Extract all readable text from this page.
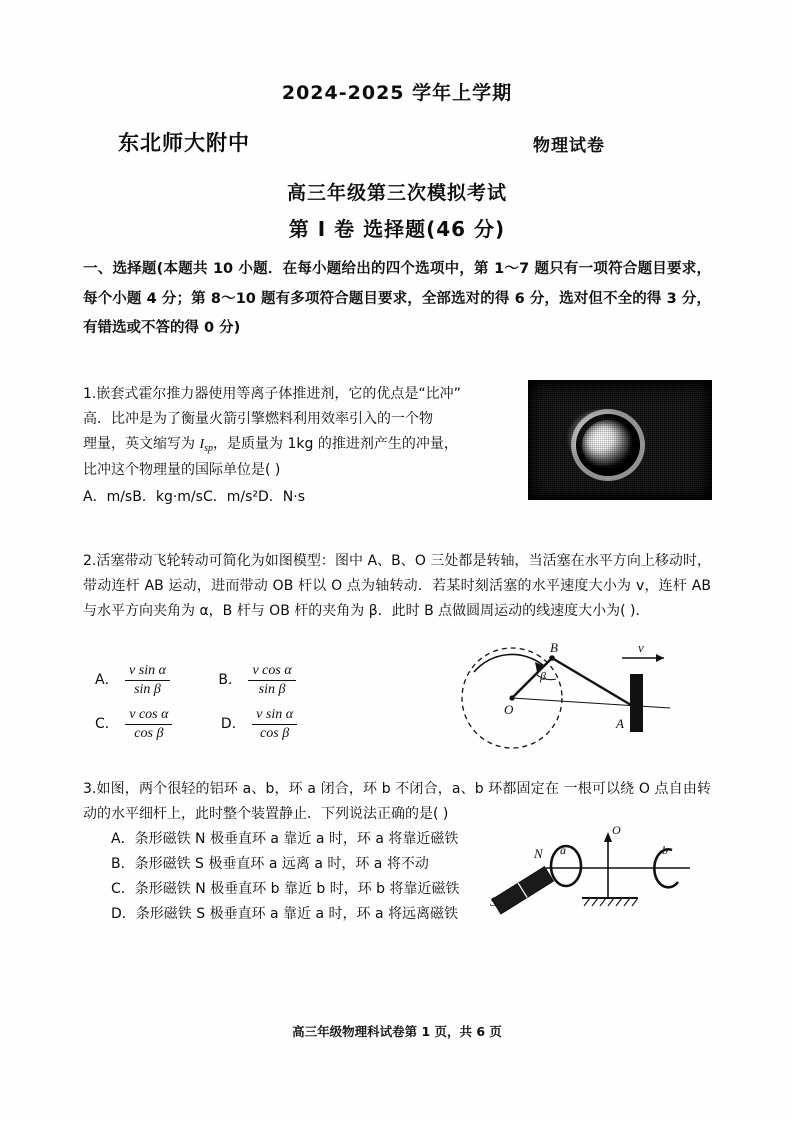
2024-2025 学年上学期
东北师大附中	物理试卷
高三年级第三次模拟考试
第 Ⅰ 卷 选择题(46 分)
一、选择题(本题共 10 小题．在每小题给出的四个选项中，第 1～7 题只有一项符合题目要求，每个小题 4 分；第 8～10 题有多项符合题目要求，全部选对的得 6 分，选对但不全的得 3 分，有错选或不答的得 0 分)
1.嵌套式霍尔推力器使用等离子体推进剂，它的优点是“比冲”
高．比冲是为了衡量火箭引擎燃料利用效率引入的一个物
理量，英文缩写为 $I_{sp}$，是质量为 1kg 的推进剂产生的冲量，
比冲这个物理量的国际单位是( )
A．m/sB．kg·m/sC．m/s²D．N·s
2.活塞带动飞轮转动可简化为如图模型：图中 A、B、O 三处都是转轴，当活塞在水平方向上移动时，带动连杆 AB 运动，进而带动 OB 杆以 O 点为轴转动．若某时刻活塞的水平速度大小为 v，连杆 AB 与水平方向夹角为 α，B 杆与 OB 杆的夹角为 β．此时 B 点做圆周运动的线速度大小为( )．
A． $\frac{\text{v sin α}}{\text{sin β}}$	B． $\frac{\text{v cos α}}{\text{sin β}}$
C． $\frac{\text{v cos α}}{\text{cos β}}$	D． $\frac{\text{v sin α}}{\text{cos β}}$	O
B
β
v
A
3.如图，两个很轻的铝环 a、b，环 a 闭合，环 b 不闭合，a、b 环都固定在 一根可以绕 O 点自由转动的水平细杆上，此时整个装置静止．下列说法正确的是( )
A．条形磁铁 N 极垂直环 a 靠近 a 时，环 a 将靠近磁铁
B．条形磁铁 S 极垂直环 a 远离 a 时，环 a 将不动
C．条形磁铁 N 极垂直环 b 靠近 b 时，环 b 将靠近磁铁
D．条形磁铁 S 极垂直环 a 靠近 a 时，环 a 将远离磁铁
O
a	b
N
S
高三年级物理科试卷第 1 页，共 6 页
